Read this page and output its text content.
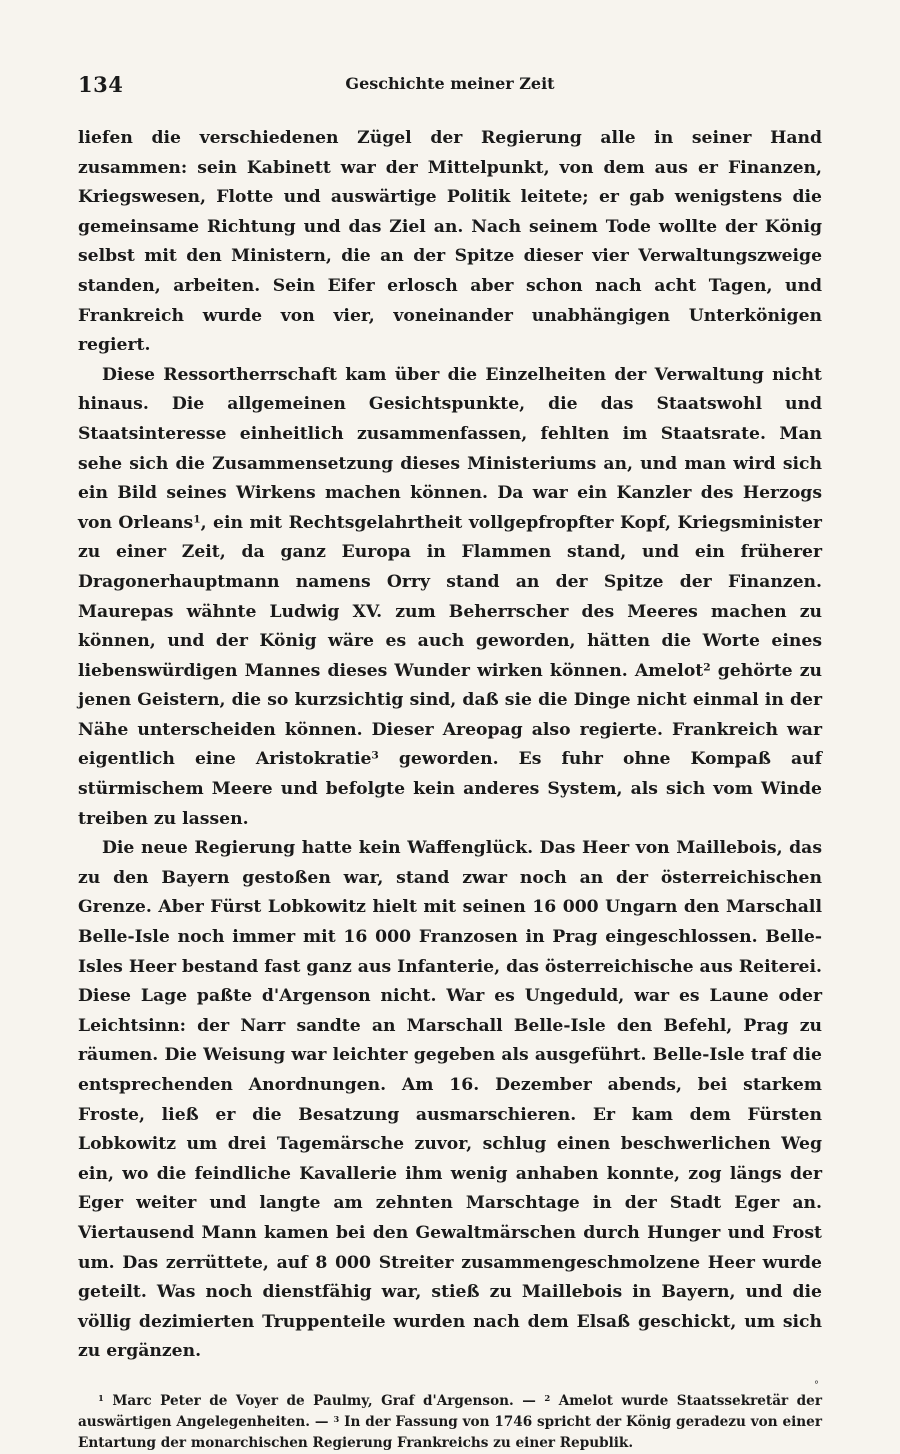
134	Geschichte meiner Zeit

liefen die verschiedenen Zügel der Regierung alle in seiner Hand zusammen: sein Kabinett war der Mittelpunkt, von dem aus er Finanzen, Kriegswesen, Flotte und auswärtige Politik leitete; er gab wenigstens die gemeinsame Richtung und das Ziel an. Nach seinem Tode wollte der König selbst mit den Ministern, die an der Spitze dieser vier Verwaltungszweige standen, arbeiten. Sein Eifer erlosch aber schon nach acht Tagen, und Frankreich wurde von vier, voneinander unabhängigen Unterkönigen regiert.

Diese Ressortherrschaft kam über die Einzelheiten der Verwaltung nicht hinaus. Die allgemeinen Gesichtspunkte, die das Staatswohl und Staatsinteresse einheitlich zusammenfassen, fehlten im Staatsrate. Man sehe sich die Zusammensetzung dieses Ministeriums an, und man wird sich ein Bild seines Wirkens machen können. Da war ein Kanzler des Herzogs von Orleans$^1$, ein mit Rechtsgelahrtheit vollgepfropfter Kopf, Kriegsminister zu einer Zeit, da ganz Europa in Flammen stand, und ein früherer Dragonerhauptmann namens Orry stand an der Spitze der Finanzen. Maurepas wähnte Ludwig XV. zum Beherrscher des Meeres machen zu können, und der König wäre es auch geworden, hätten die Worte eines liebenswürdigen Mannes dieses Wunder wirken können. Amelot$^2$ gehörte zu jenen Geistern, die so kurzsichtig sind, daß sie die Dinge nicht einmal in der Nähe unterscheiden können. Dieser Areopag also regierte. Frankreich war eigentlich eine Aristokratie$^3$ geworden. Es fuhr ohne Kompaß auf stürmischem Meere und befolgte kein anderes System, als sich vom Winde treiben zu lassen.

Die neue Regierung hatte kein Waffenglück. Das Heer von Maillebois, das zu den Bayern gestoßen war, stand zwar noch an der österreichischen Grenze. Aber Fürst Lobkowitz hielt mit seinen 16 000 Ungarn den Marschall Belle-Isle noch immer mit 16 000 Franzosen in Prag eingeschlossen. Belle-Isles Heer bestand fast ganz aus Infanterie, das österreichische aus Reiterei. Diese Lage paßte d'Argenson nicht. War es Ungeduld, war es Laune oder Leichtsinn: der Narr sandte an Marschall Belle-Isle den Befehl, Prag zu räumen. Die Weisung war leichter gegeben als ausgeführt. Belle-Isle traf die entsprechenden Anordnungen. Am 16. Dezember abends, bei starkem Froste, ließ er die Besatzung ausmarschieren. Er kam dem Fürsten Lobkowitz um drei Tagemärsche zuvor, schlug einen beschwerlichen Weg ein, wo die feindliche Kavallerie ihm wenig anhaben konnte, zog längs der Eger weiter und langte am zehnten Marschtage in der Stadt Eger an. Viertausend Mann kamen bei den Gewaltmärschen durch Hunger und Frost um. Das zerrüttete, auf 8 000 Streiter zusammengeschmolzene Heer wurde geteilt. Was noch dienstfähig war, stieß zu Maillebois in Bayern, und die völlig dezimierten Truppenteile wurden nach dem Elsaß geschickt, um sich zu ergänzen.

$^1$ Marc Peter de Voyer de Paulmy, Graf d'Argenson. — $^2$ Amelot wurde Staatssekretär der auswärtigen Angelegenheiten. — $^3$ In der Fassung von 1746 spricht der König geradezu von einer Entartung der monarchischen Regierung Frankreichs zu einer Republik.
°
